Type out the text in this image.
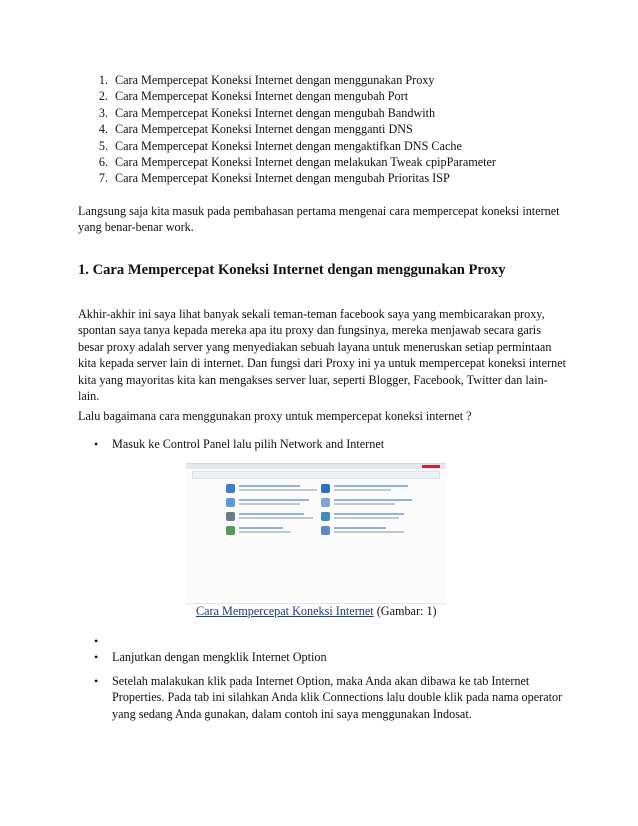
1. Cara Mempercepat Koneksi Internet dengan menggunakan Proxy
2. Cara Mempercepat Koneksi Internet dengan mengubah Port
3. Cara Mempercepat Koneksi Internet dengan mengubah Bandwith
4. Cara Mempercepat Koneksi Internet dengan mengganti DNS
5. Cara Mempercepat Koneksi Internet dengan mengaktifkan DNS Cache
6. Cara Mempercepat Koneksi Internet dengan melakukan Tweak cpipParameter
7. Cara Mempercepat Koneksi Internet dengan mengubah Prioritas ISP

Langsung saja kita masuk pada pembahasan pertama mengenai cara mempercepat koneksi internet yang benar-benar work.

1. Cara Mempercepat Koneksi Internet dengan menggunakan Proxy

Akhir-akhir ini saya lihat banyak sekali teman-teman facebook saya yang membicarakan proxy, spontan saya tanya kepada mereka apa itu proxy dan fungsinya, mereka menjawab secara garis besar proxy adalah server yang menyediakan sebuah layana untuk meneruskan setiap permintaan kita kepada server lain di internet. Dan fungsi dari Proxy ini ya untuk mempercepat koneksi internet kita yang mayoritas kita kan mengakses server luar, seperti Blogger, Facebook, Twitter dan lain-lain.

Lalu bagaimana cara menggunakan proxy untuk mempercepat koneksi internet ?

•	Masuk ke Control Panel lalu pilih Network and Internet
Cara Mempercepat Koneksi Internet (Gambar: 1)
•
•	Lanjutkan dengan mengklik Internet Option
•	Setelah malakukan klik pada Internet Option, maka Anda akan dibawa ke tab Internet Properties. Pada tab ini silahkan Anda klik Connections lalu double klik pada nama operator yang sedang Anda gunakan, dalam contoh ini saya menggunakan Indosat.
